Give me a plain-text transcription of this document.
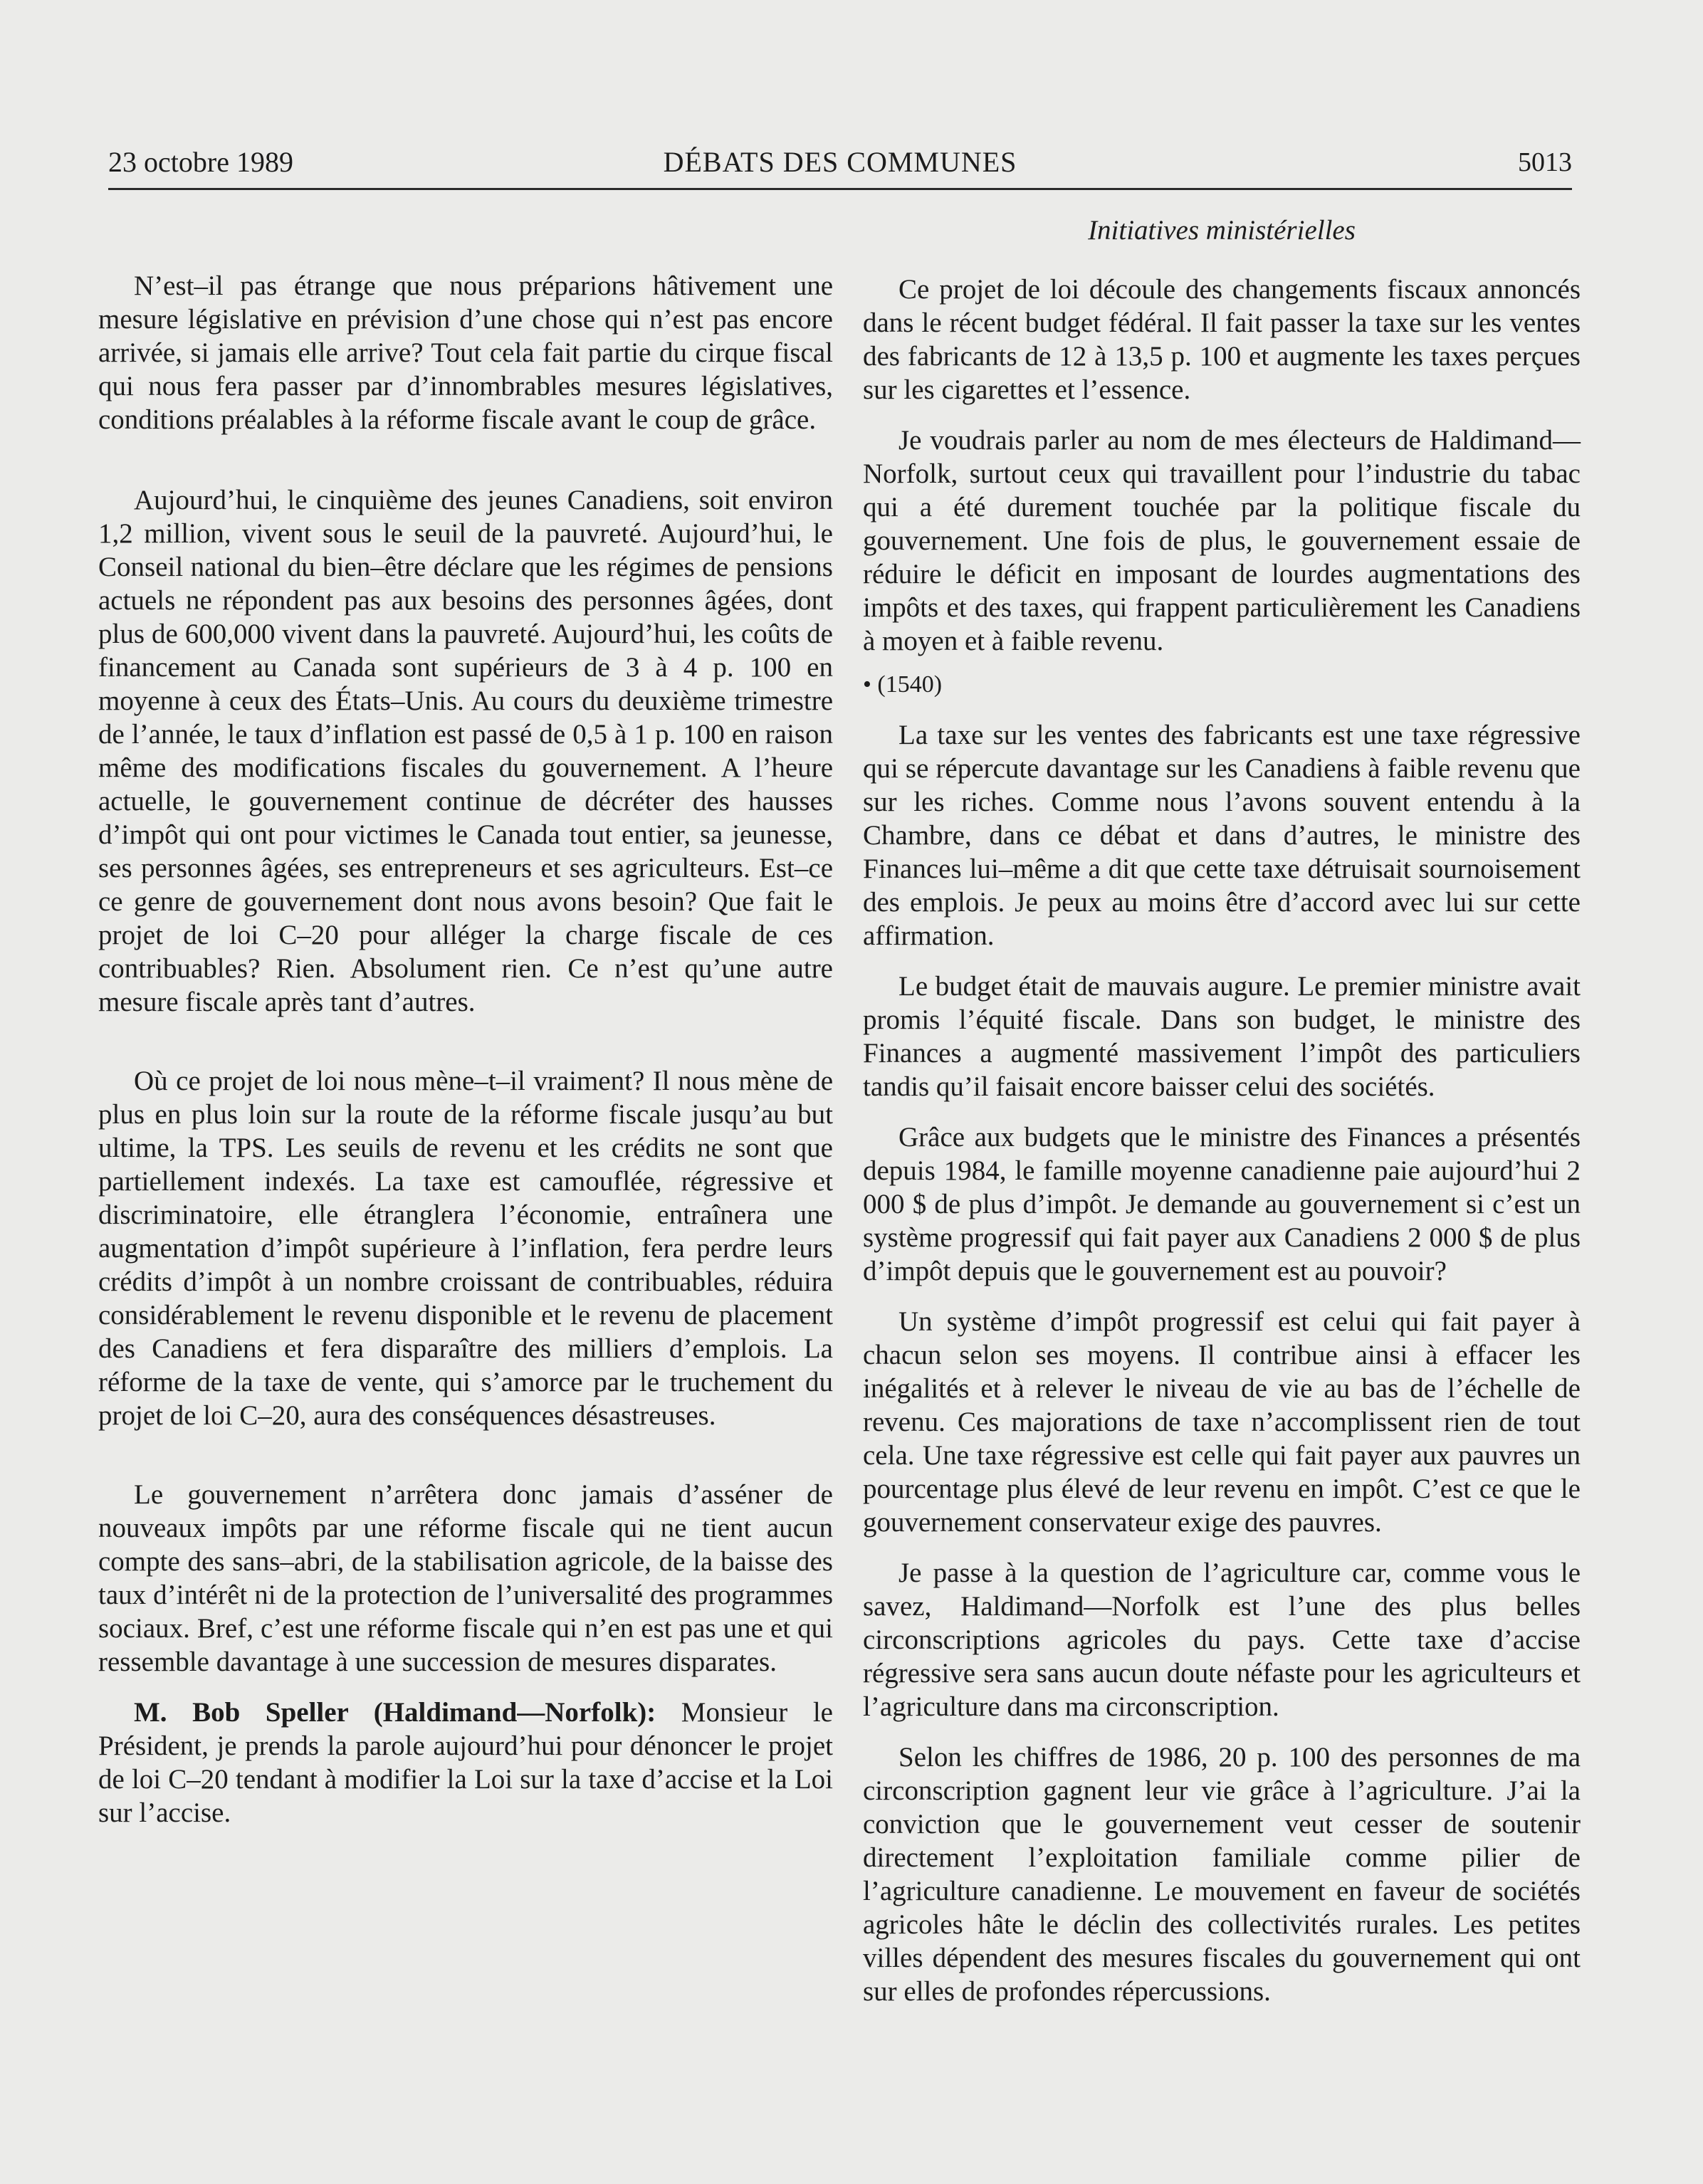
23 octobre 1989	DÉBATS DES COMMUNES	5013

N’est–il pas étrange que nous préparions hâtivement une mesure législative en prévision d’une chose qui n’est pas encore arrivée, si jamais elle arrive? Tout cela fait partie du cirque fiscal qui nous fera passer par d’innombrables mesures législatives, conditions préalables à la réforme fiscale avant le coup de grâce.

Aujourd’hui, le cinquième des jeunes Canadiens, soit environ 1,2 million, vivent sous le seuil de la pauvreté. Aujourd’hui, le Conseil national du bien–être déclare que les régimes de pensions actuels ne répondent pas aux besoins des personnes âgées, dont plus de 600,000 vivent dans la pauvreté. Aujourd’hui, les coûts de financement au Canada sont supérieurs de 3 à 4 p. 100 en moyenne à ceux des États–Unis. Au cours du deuxième trimestre de l’année, le taux d’inflation est passé de 0,5 à 1 p. 100 en raison même des modifications fiscales du gouvernement. A l’heure actuelle, le gouvernement continue de décréter des hausses d’impôt qui ont pour victimes le Canada tout entier, sa jeunesse, ses personnes âgées, ses entrepreneurs et ses agriculteurs. Est–ce ce genre de gouvernement dont nous avons besoin? Que fait le projet de loi C–20 pour alléger la charge fiscale de ces contribuables? Rien. Absolument rien. Ce n’est qu’une autre mesure fiscale après tant d’autres.

Où ce projet de loi nous mène–t–il vraiment? Il nous mène de plus en plus loin sur la route de la réforme fiscale jusqu’au but ultime, la TPS. Les seuils de revenu et les crédits ne sont que partiellement indexés. La taxe est camouflée, régressive et discriminatoire, elle étranglera l’économie, entraînera une augmentation d’impôt supérieure à l’inflation, fera perdre leurs crédits d’impôt à un nombre croissant de contribuables, réduira considérablement le revenu disponible et le revenu de placement des Canadiens et fera disparaître des milliers d’emplois. La réforme de la taxe de vente, qui s’amorce par le truchement du projet de loi C–20, aura des conséquences désastreuses.

Le gouvernement n’arrêtera donc jamais d’asséner de nouveaux impôts par une réforme fiscale qui ne tient aucun compte des sans–abri, de la stabilisation agricole, de la baisse des taux d’intérêt ni de la protection de l’universalité des programmes sociaux. Bref, c’est une réforme fiscale qui n’en est pas une et qui ressemble davantage à une succession de mesures disparates.

M. Bob Speller (Haldimand—Norfolk): Monsieur le Président, je prends la parole aujourd’hui pour dénoncer le projet de loi C–20 tendant à modifier la Loi sur la taxe d’accise et la Loi sur l’accise.

Initiatives ministérielles

Ce projet de loi découle des changements fiscaux annoncés dans le récent budget fédéral. Il fait passer la taxe sur les ventes des fabricants de 12 à 13,5 p. 100 et augmente les taxes perçues sur les cigarettes et l’essence.

Je voudrais parler au nom de mes électeurs de Haldimand— Norfolk, surtout ceux qui travaillent pour l’industrie du tabac qui a été durement touchée par la politique fiscale du gouvernement. Une fois de plus, le gouvernement essaie de réduire le déficit en imposant de lourdes augmentations des impôts et des taxes, qui frappent particulièrement les Canadiens à moyen et à faible revenu.

• (1540)

La taxe sur les ventes des fabricants est une taxe régressive qui se répercute davantage sur les Canadiens à faible revenu que sur les riches. Comme nous l’avons souvent entendu à la Chambre, dans ce débat et dans d’autres, le ministre des Finances lui–même a dit que cette taxe détruisait sournoisement des emplois. Je peux au moins être d’accord avec lui sur cette affirmation.

Le budget était de mauvais augure. Le premier ministre avait promis l’équité fiscale. Dans son budget, le ministre des Finances a augmenté massivement l’impôt des particuliers tandis qu’il faisait encore baisser celui des sociétés.

Grâce aux budgets que le ministre des Finances a présentés depuis 1984, le famille moyenne canadienne paie aujourd’hui 2 000 $ de plus d’impôt. Je demande au gouvernement si c’est un système progressif qui fait payer aux Canadiens 2 000 $ de plus d’impôt depuis que le gouvernement est au pouvoir?

Un système d’impôt progressif est celui qui fait payer à chacun selon ses moyens. Il contribue ainsi à effacer les inégalités et à relever le niveau de vie au bas de l’échelle de revenu. Ces majorations de taxe n’accomplissent rien de tout cela. Une taxe régressive est celle qui fait payer aux pauvres un pourcentage plus élevé de leur revenu en impôt. C’est ce que le gouvernement conservateur exige des pauvres.

Je passe à la question de l’agriculture car, comme vous le savez, Haldimand—Norfolk est l’une des plus belles circonscriptions agricoles du pays. Cette taxe d’accise régressive sera sans aucun doute néfaste pour les agriculteurs et l’agriculture dans ma circonscription.

Selon les chiffres de 1986, 20 p. 100 des personnes de ma circonscription gagnent leur vie grâce à l’agriculture. J’ai la conviction que le gouvernement veut cesser de soutenir directement l’exploitation familiale comme pilier de l’agriculture canadienne. Le mouvement en faveur de sociétés agricoles hâte le déclin des collectivités rurales. Les petites villes dépendent des mesures fiscales du gouvernement qui ont sur elles de profondes répercussions.
